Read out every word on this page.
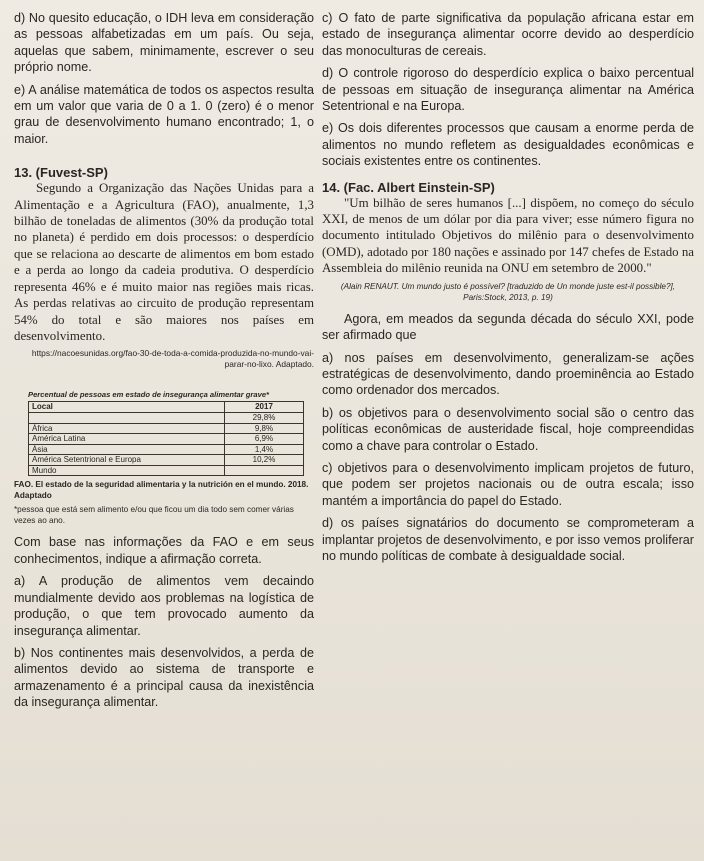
d) No quesito educação, o IDH leva em consideração as pessoas alfabetizadas em um país. Ou seja, aquelas que sabem, minimamente, escrever o seu próprio nome.

e) A análise matemática de todos os aspectos resulta em um valor que varia de 0 a 1. 0 (zero) é o menor grau de desenvolvimento humano encontrado; 1, o maior.

13. (Fuvest-SP)

Segundo a Organização das Nações Unidas para a Alimentação e a Agricultura (FAO), anualmente, 1,3 bilhão de toneladas de alimentos (30% da produção total no planeta) é perdido em dois processos: o desperdício que se relaciona ao descarte de alimentos em bom estado e a perda ao longo da cadeia produtiva. O desperdício representa 46% e é muito maior nas regiões mais ricas. As perdas relativas ao circuito de produção representam 54% do total e são maiores nos países em desenvolvimento.

https://nacoesunidas.org/fao-30-de-toda-a-comida-produzida-no-mundo-vai-parar-no-lixo. Adaptado.

Percentual de pessoas em estado de insegurança alimentar grave*

Local	2017
	29,8%
África	9,8%
América Latina	6,9%
Ásia	1,4%
América Setentrional e Europa	10,2%
Mundo	

FAO. El estado de la seguridad alimentaria y la nutrición en el mundo. 2018. Adaptado

*pessoa que está sem alimento e/ou que ficou um dia todo sem comer várias vezes ao ano.

Com base nas informações da FAO e em seus conhecimentos, indique a afirmação correta.

a) A produção de alimentos vem decaindo mundialmente devido aos problemas na logística de produção, o que tem provocado aumento da insegurança alimentar.

b) Nos continentes mais desenvolvidos, a perda de alimentos devido ao sistema de transporte e armazenamento é a principal causa da inexistência da insegurança alimentar.

c) O fato de parte significativa da população africana estar em estado de insegurança alimentar ocorre devido ao desperdício das monoculturas de cereais.

d) O controle rigoroso do desperdício explica o baixo percentual de pessoas em situação de insegurança alimentar na América Setentrional e na Europa.

e) Os dois diferentes processos que causam a enorme perda de alimentos no mundo refletem as desigualdades econômicas e sociais existentes entre os continentes.

14. (Fac. Albert Einstein-SP)

"Um bilhão de seres humanos [...] dispõem, no começo do século XXI, de menos de um dólar por dia para viver; esse número figura no documento intitulado Objetivos do milênio para o desenvolvimento (OMD), adotado por 180 nações e assinado por 147 chefes de Estado na Assembleia do milênio reunida na ONU em setembro de 2000."

(Alain RENAUT. Um mundo justo é possível? [traduzido de Un monde juste est-il possible?], Paris:Stock, 2013, p. 19)

Agora, em meados da segunda década do século XXI, pode ser afirmado que

a) nos países em desenvolvimento, generalizam-se ações estratégicas de desenvolvimento, dando proeminência ao Estado como ordenador dos mercados.

b) os objetivos para o desenvolvimento social são o centro das políticas econômicas de austeridade fiscal, hoje compreendidas como a chave para controlar o Estado.

c) objetivos para o desenvolvimento implicam projetos de futuro, que podem ser projetos nacionais ou de outra escala; isso mantém a importância do papel do Estado.

d) os países signatários do documento se comprometeram a implantar projetos de desenvolvimento, e por isso vemos proliferar no mundo políticas de combate à desigualdade social.
